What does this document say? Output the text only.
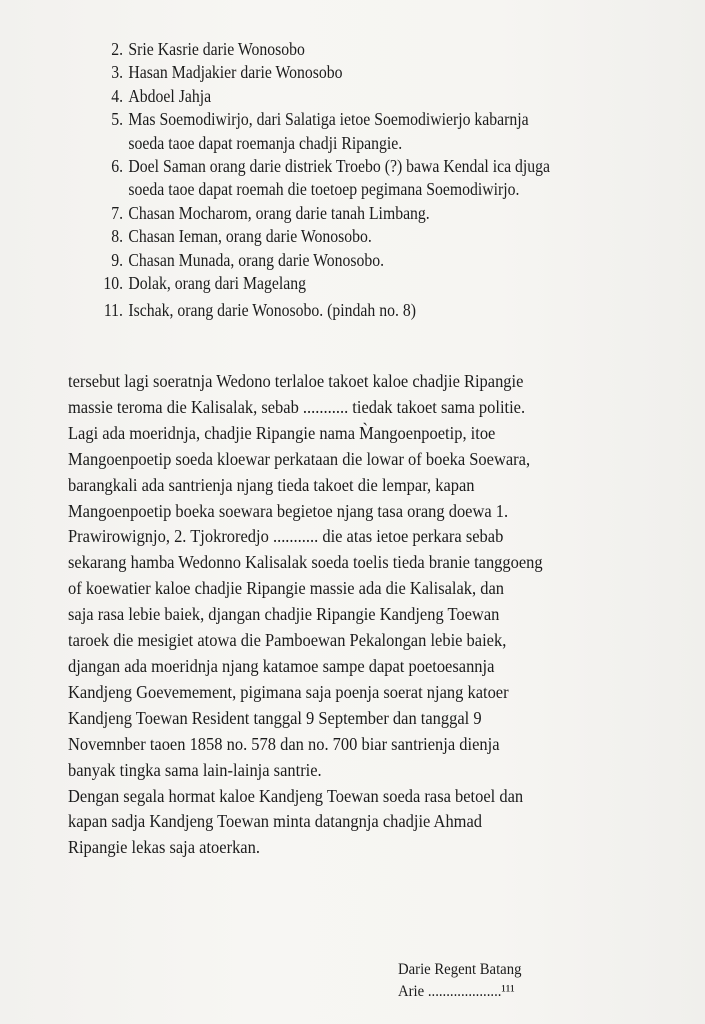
2. Srie Kasrie darie Wonosobo
3. Hasan Madjakier darie Wonosobo
4. Abdoel Jahja
5. Mas Soemodiwirjo, dari Salatiga ietoe Soemodiwierjo kabarnja
soeda taoe dapat roemanja chadji Ripangie.
6. Doel Saman orang darie distriek Troebo (?) bawa Kendal ica djuga
soeda taoe dapat roemah die toetoep pegimana Soemodiwirjo.
7. Chasan Mocharom, orang darie tanah Limbang.
8. Chasan Ieman, orang darie Wonosobo.
9. Chasan Munada, orang darie Wonosobo.
10. Dolak, orang dari Magelang
11. Ischak, orang darie Wonosobo. (pindah no. 8)

tersebut lagi soeratnja Wedono terlaloe takoet kaloe chadjie Ripangie

massie teroma die Kalisalak, sebab ........... tiedak takoet sama politie.

Lagi ada moeridnja, chadjie Ripangie nama M̀angoenpoetip, itoe

Mangoenpoetip soeda kloewar perkataan die lowar of boeka Soewara,

barangkali ada santrienja njang tieda takoet die lempar, kapan

Mangoenpoetip boeka soewara begietoe njang tasa orang doewa 1.

Prawirowignjo, 2. Tjokroredjo ........... die atas ietoe perkara sebab

sekarang hamba Wedonno Kalisalak soeda toelis tieda branie tanggoeng

of koewatier kaloe chadjie Ripangie massie ada die Kalisalak, dan

saja rasa lebie baiek, djangan chadjie Ripangie Kandjeng Toewan

taroek die mesigiet atowa die Pamboewan Pekalongan lebie baiek,

djangan ada moeridnja njang katamoe sampe dapat poetoesannja

Kandjeng Goevemement, pigimana saja poenja soerat njang katoer

Kandjeng Toewan Resident tanggal 9 September dan tanggal 9

Novemnber taoen 1858 no. 578 dan no. 700 biar santrienja dienja

banyak tingka sama lain-lainja santrie.

Dengan segala hormat kaloe Kandjeng Toewan soeda rasa betoel dan

kapan sadja Kandjeng Toewan minta datangnja chadjie Ahmad

Ripangie lekas saja atoerkan.

Darie Regent Batang

Arie ....................¹¹¹
